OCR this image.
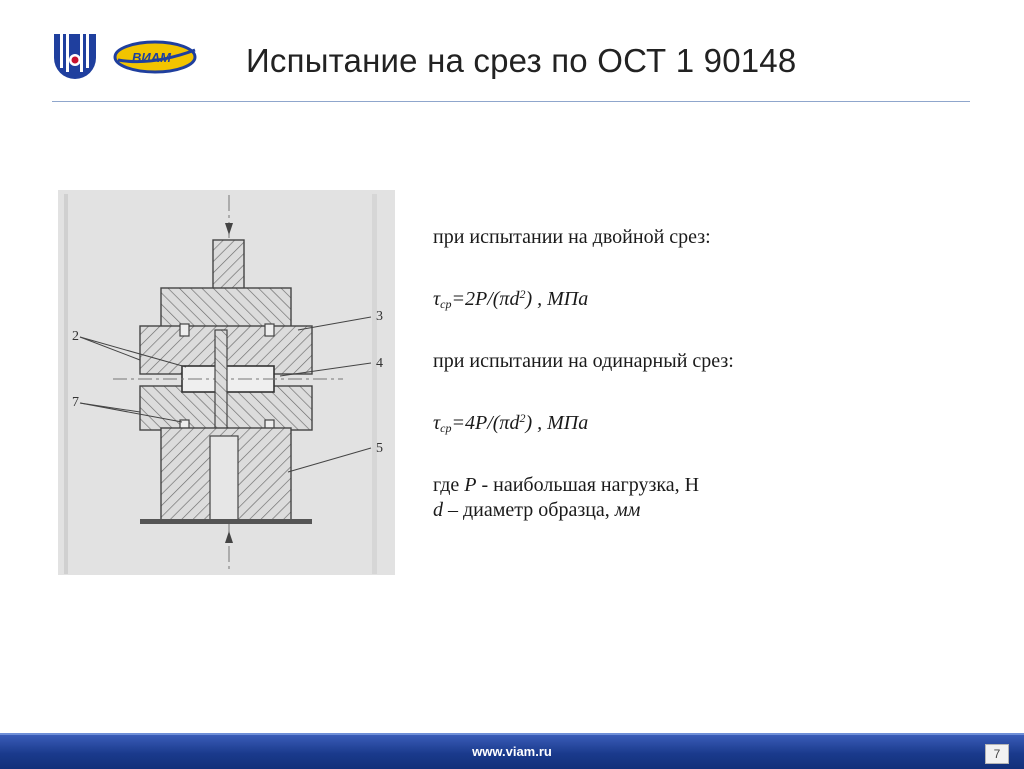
ВИАМ Испытание на срез по ОСТ 1 90148
2
3
4
7
5

при испытании на двойной срез:

$\tau_{ср}=2P/(\pi d^2)$ , МПа

при испытании на одинарный срез:

$\tau_{ср}=4P/(\pi d^2)$ , МПа

где P - наибольшая нагрузка, Н

d – диаметр образца, мм

www.viam.ru	7
